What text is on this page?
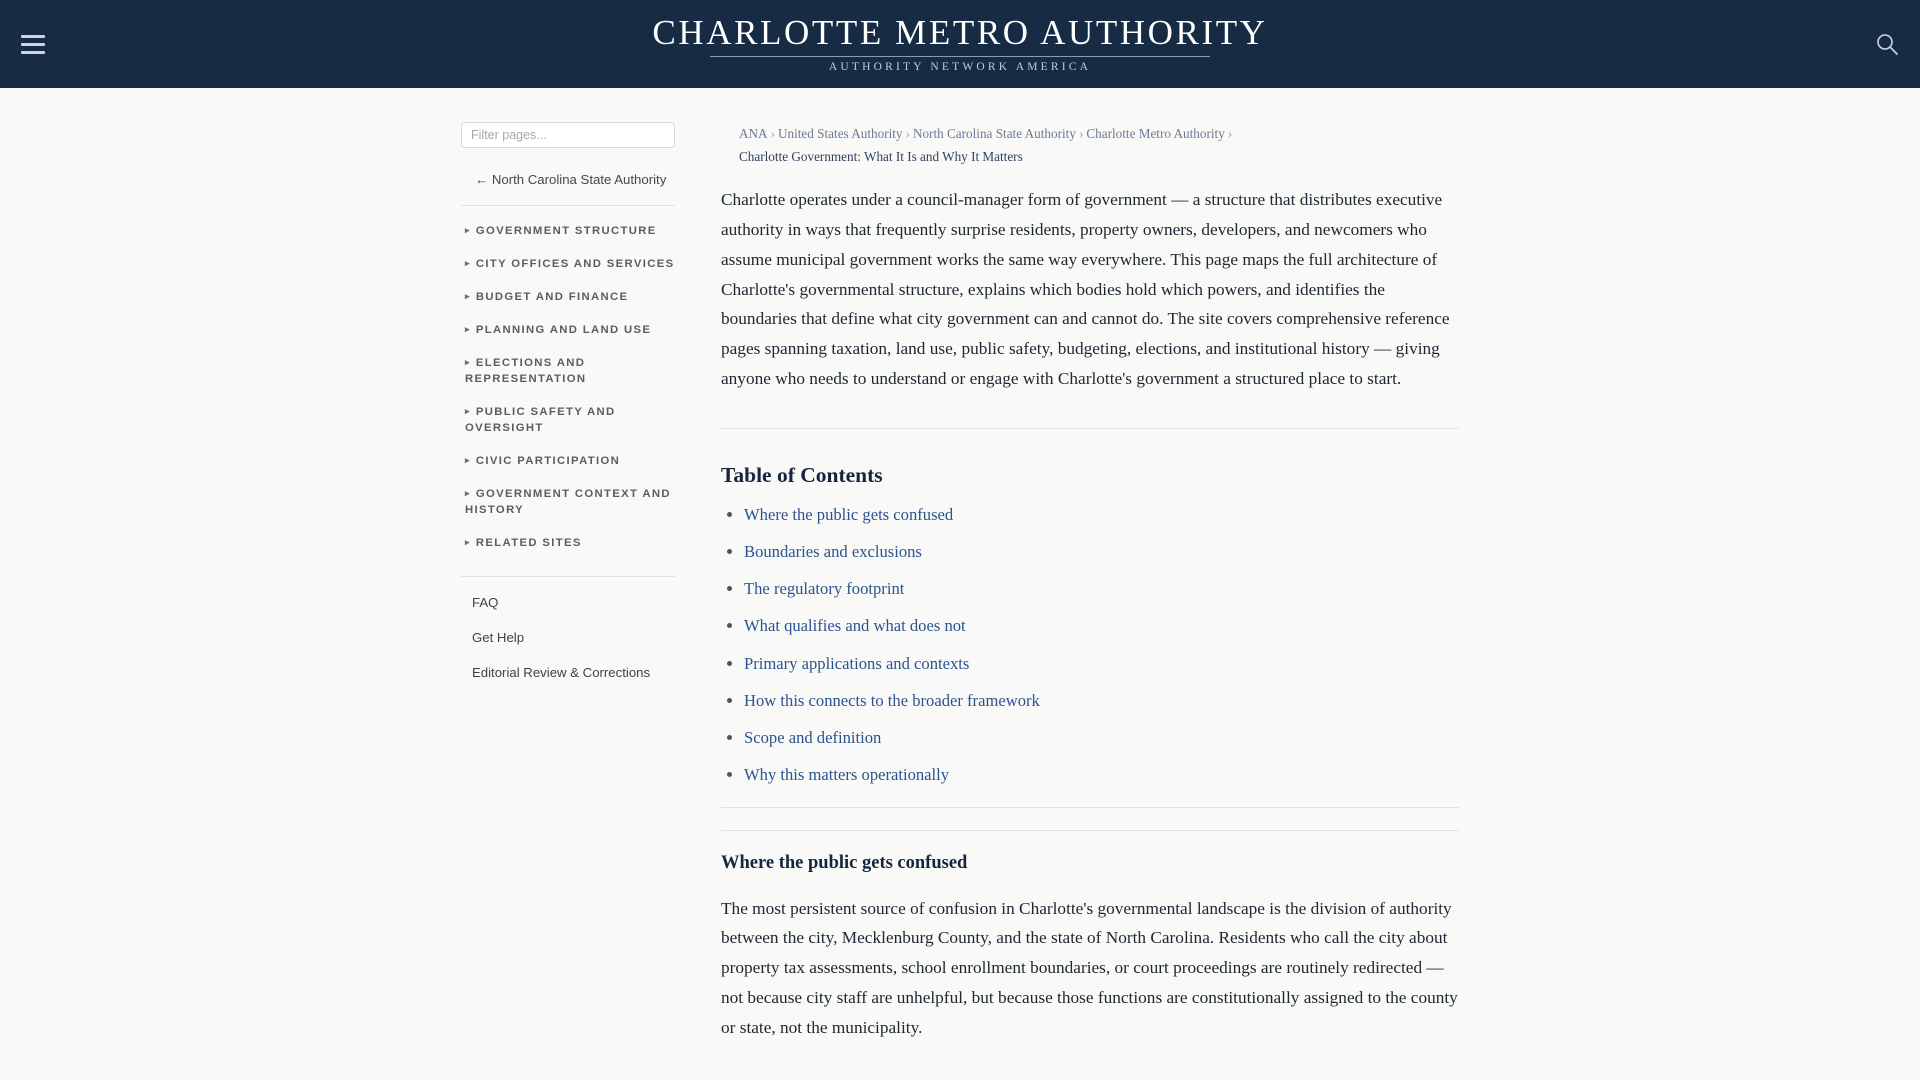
CHARLOTTE METRO AUTHORITY
AUTHORITY NETWORK AMERICA
Filter pages...
← North Carolina State Authority
▸ GOVERNMENT STRUCTURE
▸ CITY OFFICES AND SERVICES
▸ BUDGET AND FINANCE
▸ PLANNING AND LAND USE
▸ ELECTIONS AND REPRESENTATION
▸ PUBLIC SAFETY AND OVERSIGHT
▸ CIVIC PARTICIPATION
▸ GOVERNMENT CONTEXT AND HISTORY
▸ RELATED SITES
FAQ
Get Help
Editorial Review & Corrections
ANA › United States Authority › North Carolina State Authority › Charlotte Metro Authority ›
Charlotte Government: What It Is and Why It Matters

Charlotte operates under a council-manager form of government — a structure that distributes executive authority in ways that frequently surprise residents, property owners, developers, and newcomers who assume municipal government works the same way everywhere. This page maps the full architecture of Charlotte's governmental structure, explains which bodies hold which powers, and identifies the boundaries that define what city government can and cannot do. The site covers comprehensive reference pages spanning taxation, land use, public safety, budgeting, elections, and institutional history — giving anyone who needs to understand or engage with Charlotte's government a structured place to start.

Table of Contents
• Where the public gets confused
• Boundaries and exclusions
• The regulatory footprint
• What qualifies and what does not
• Primary applications and contexts
• How this connects to the broader framework
• Scope and definition
• Why this matters operationally
Where the public gets confused

The most persistent source of confusion in Charlotte's governmental landscape is the division of authority between the city, Mecklenburg County, and the state of North Carolina. Residents who call the city about property tax assessments, school enrollment boundaries, or court proceedings are routinely redirected — not because city staff are unhelpful, but because those functions are constitutionally assigned to the county or state, not the municipality.
